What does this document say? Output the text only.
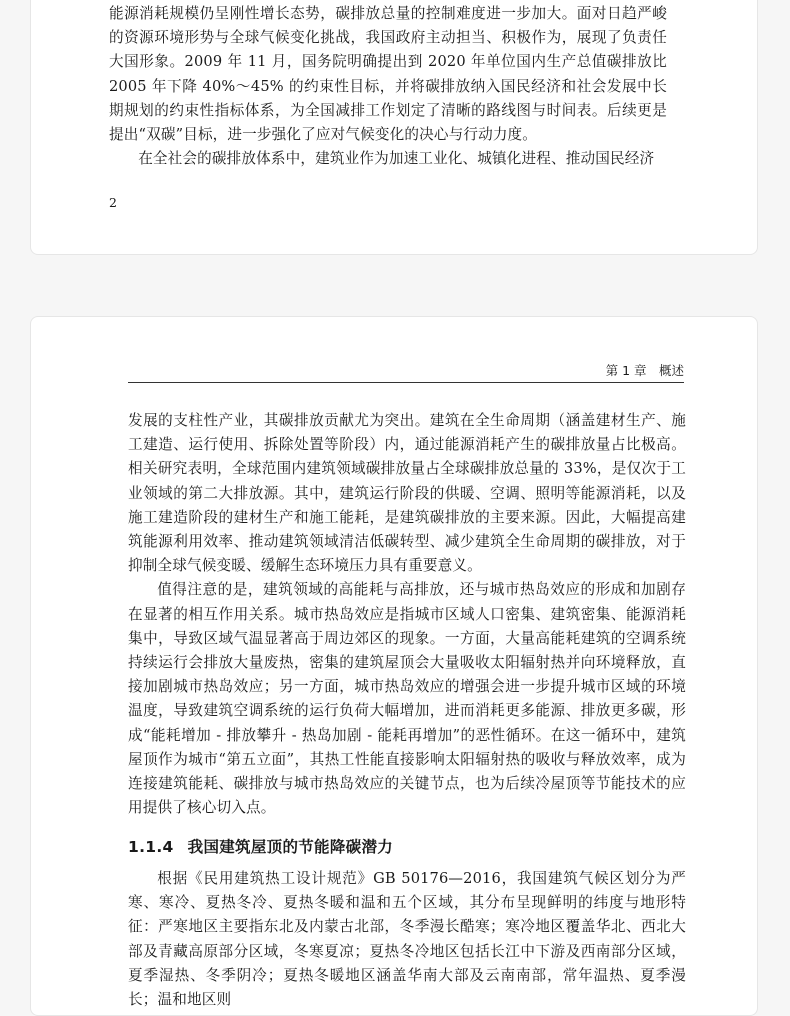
能源消耗规模仍呈刚性增长态势，碳排放总量的控制难度进一步加大。面对日趋严峻的资源环境形势与全球气候变化挑战，我国政府主动担当、积极作为，展现了负责任大国形象。2009 年 11 月，国务院明确提出到 2020 年单位国内生产总值碳排放比 2005 年下降 40%～45% 的约束性目标，并将碳排放纳入国民经济和社会发展中长期规划的约束性指标体系，为全国减排工作划定了清晰的路线图与时间表。后续更是提出“双碳”目标，进一步强化了应对气候变化的决心与行动力度。

在全社会的碳排放体系中，建筑业作为加速工业化、城镇化进程、推动国民经济

2
第 1 章　概述

发展的支柱性产业，其碳排放贡献尤为突出。建筑在全生命周期（涵盖建材生产、施工建造、运行使用、拆除处置等阶段）内，通过能源消耗产生的碳排放量占比极高。相关研究表明，全球范围内建筑领域碳排放量占全球碳排放总量的 33%，是仅次于工业领域的第二大排放源。其中，建筑运行阶段的供暖、空调、照明等能源消耗，以及施工建造阶段的建材生产和施工能耗，是建筑碳排放的主要来源。因此，大幅提高建筑能源利用效率、推动建筑领域清洁低碳转型、减少建筑全生命周期的碳排放，对于抑制全球气候变暖、缓解生态环境压力具有重要意义。

值得注意的是，建筑领域的高能耗与高排放，还与城市热岛效应的形成和加剧存在显著的相互作用关系。城市热岛效应是指城市区域人口密集、建筑密集、能源消耗集中，导致区域气温显著高于周边郊区的现象。一方面，大量高能耗建筑的空调系统持续运行会排放大量废热，密集的建筑屋顶会大量吸收太阳辐射热并向环境释放，直接加剧城市热岛效应；另一方面，城市热岛效应的增强会进一步提升城市区域的环境温度，导致建筑空调系统的运行负荷大幅增加，进而消耗更多能源、排放更多碳，形成“能耗增加 - 排放攀升 - 热岛加剧 - 能耗再增加”的恶性循环。在这一循环中，建筑屋顶作为城市“第五立面”，其热工性能直接影响太阳辐射热的吸收与释放效率，成为连接建筑能耗、碳排放与城市热岛效应的关键节点，也为后续冷屋顶等节能技术的应用提供了核心切入点。

1.1.4 我国建筑屋顶的节能降碳潜力

根据《民用建筑热工设计规范》GB 50176—2016，我国建筑气候区划分为严寒、寒冷、夏热冬冷、夏热冬暖和温和五个区域，其分布呈现鲜明的纬度与地形特征：严寒地区主要指东北及内蒙古北部，冬季漫长酷寒；寒冷地区覆盖华北、西北大部及青藏高原部分区域，冬寒夏凉；夏热冬冷地区包括长江中下游及西南部分区域，夏季湿热、冬季阴冷；夏热冬暖地区涵盖华南大部及云南南部，常年温热、夏季漫长；温和地区则
